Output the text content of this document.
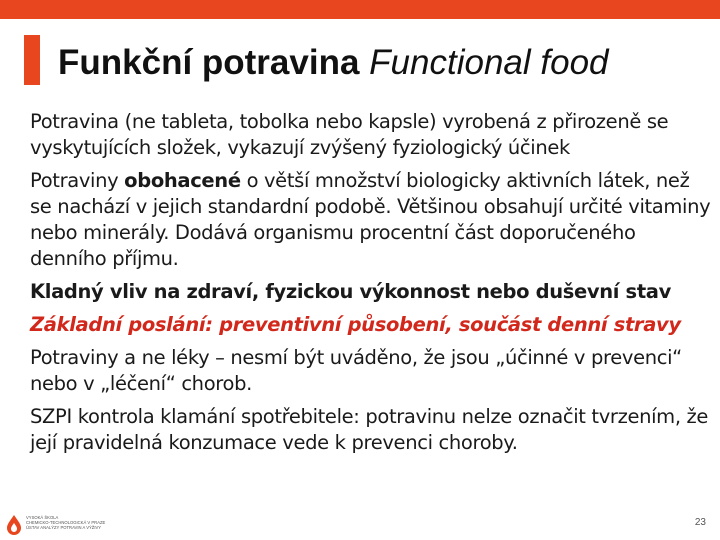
Funkční potravina Functional food

Potravina (ne tableta, tobolka nebo kapsle) vyrobená z přirozeně se vyskytujících složek, vykazují zvýšený fyziologický účinek

Potraviny obohacené o větší množství biologicky aktivních látek, než se nachází v jejich standardní podobě. Většinou obsahují určité vitaminy nebo minerály. Dodává organismu procentní část doporučeného denního příjmu.

Kladný vliv na zdraví, fyzickou výkonnost nebo duševní stav

Základní poslání: preventivní působení, součást denní stravy

Potraviny a ne léky – nesmí být uváděno, že jsou „účinné v prevenci“ nebo v „léčení“ chorob.

SZPI kontrola klamání spotřebitele: potravinu nelze označit tvrzením, že její pravidelná konzumace vede k prevenci choroby.

VYSOKÁ ŠKOLA
CHEMICKO-TECHNOLOGICKÁ V PRAZE
ÚSTAV ANALÝZY POTRAVIN A VÝŽIVY	23
